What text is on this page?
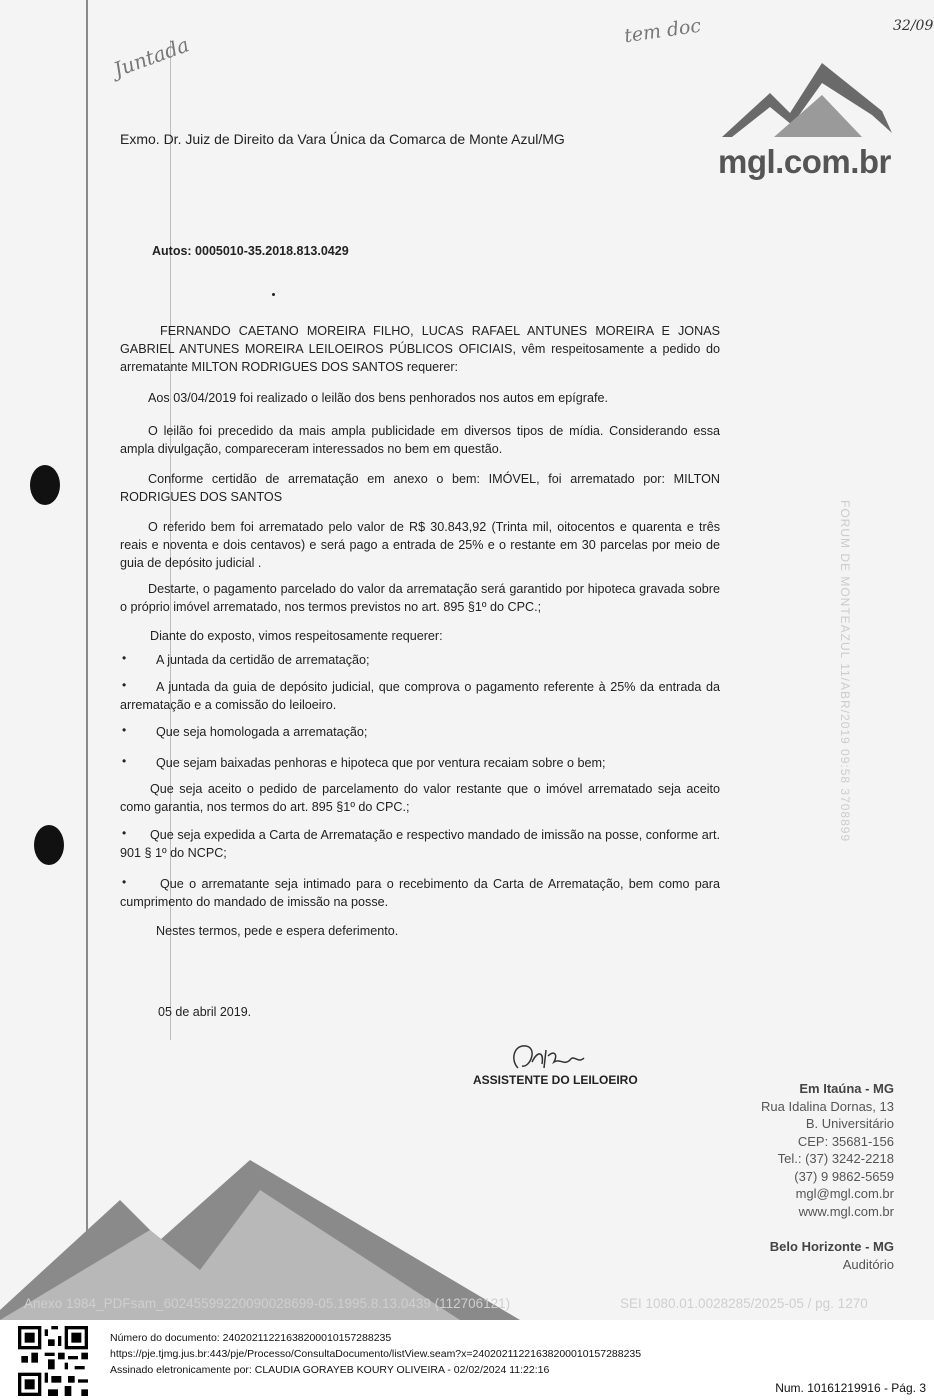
Juntada
tem doc	32/09
Exmo. Dr. Juiz de Direito da Vara Única da Comarca de Monte Azul/MG
mgl.com.br
Autos: 0005010-35.2018.813.0429
FERNANDO CAETANO MOREIRA FILHO, LUCAS RAFAEL ANTUNES MOREIRA E JONAS GABRIEL ANTUNES MOREIRA LEILOEIROS PÚBLICOS OFICIAIS, vêm respeitosamente a pedido do arrematante MILTON RODRIGUES DOS SANTOS requerer:
Aos 03/04/2019 foi realizado o leilão dos bens penhorados nos autos em epígrafe.
O leilão foi precedido da mais ampla publicidade em diversos tipos de mídia. Considerando essa ampla divulgação, compareceram interessados no bem em questão.
Conforme certidão de arrematação em anexo o bem: IMÓVEL, foi arrematado por: MILTON RODRIGUES DOS SANTOS
O referido bem foi arrematado pelo valor de R$ 30.843,92 (Trinta mil, oitocentos e quarenta e três reais e noventa e dois centavos) e será pago a entrada de 25% e o restante em 30 parcelas por meio de guia de depósito judicial .
Destarte, o pagamento parcelado do valor da arrematação será garantido por hipoteca gravada sobre o próprio imóvel arrematado, nos termos previstos no art. 895 §1º do CPC.;
Diante do exposto, vimos respeitosamente requerer:
•	A juntada da certidão de arrematação;
•	A juntada da guia de depósito judicial, que comprova o pagamento referente à 25% da entrada da arrematação e a comissão do leiloeiro.
•	Que seja homologada a arrematação;
•	Que sejam baixadas penhoras e hipoteca que por ventura recaiam sobre o bem;
Que seja aceito o pedido de parcelamento do valor restante que o imóvel arrematado seja aceito como garantia, nos termos do art. 895 §1º do CPC.;
•	Que seja expedida a Carta de Arrematação e respectivo mandado de imissão na posse, conforme art. 901 § 1º do NCPC;
•	Que o arrematante seja intimado para o recebimento da Carta de Arrematação, bem como para cumprimento do mandado de imissão na posse.
Nestes termos, pede e espera deferimento.
05 de abril 2019.
ASSISTENTE DO LEILOEIRO
Em Itaúna - MG
Rua Idalina Dornas, 13
B. Universitário
CEP: 35681-156
Tel.: (37) 3242-2218
(37) 9 9862-5659
mgl@mgl.com.br
www.mgl.com.br
Belo Horizonte - MG
Auditório
FORUM DE MONTEAZUL 11/ABR/2019 09:58 3708899
Anexo 1984_PDFsam_60245599220090028699-05.1995.8.13.0439 (112706121)	SEI 1080.01.0028285/2025-05 / pg. 1270
Número do documento: 24020211221638200010157288235
https://pje.tjmg.jus.br:443/pje/Processo/ConsultaDocumento/listView.seam?x=24020211221638200010157288235
Assinado eletronicamente por: CLAUDIA GORAYEB KOURY OLIVEIRA - 02/02/2024 11:22:16
Num. 10161219916 - Pág. 3
